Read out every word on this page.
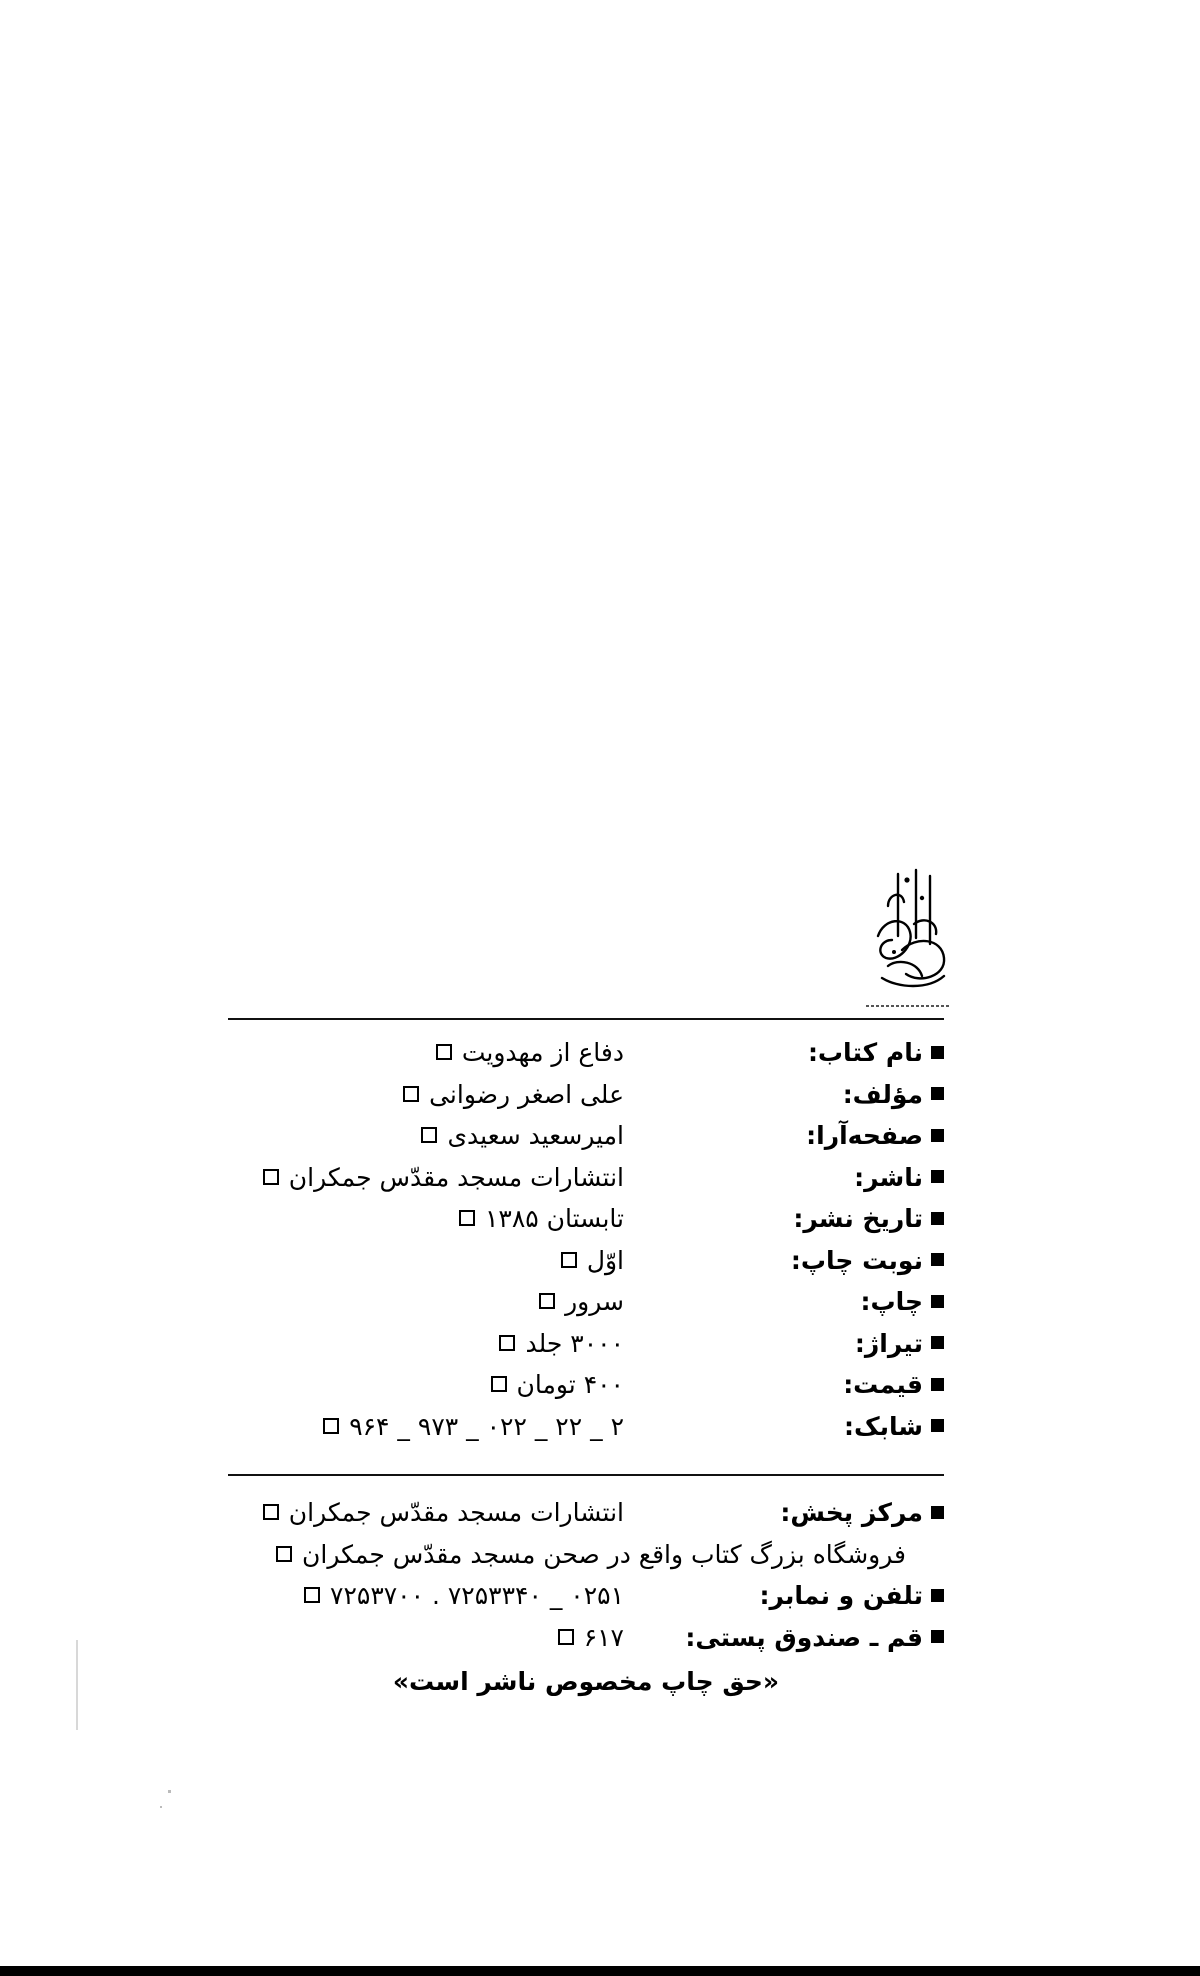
نام کتاب:
دفاع از مهدویت
مؤلف:
علی اصغر رضوانی
صفحه‌آرا:
امیرسعید سعیدی
ناشر:
انتشارات مسجد مقدّس جمکران
تاریخ نشر:
تابستان ۱۳۸۵
نوبت چاپ:
اوّل
چاپ:
سرور
تیراژ:
۳۰۰۰ جلد
قیمت:
۴۰۰ تومان
شابک:
۲ _ ۲۲ _ ۰۲۲ _ ۹۷۳ _ ۹۶۴
مرکز پخش:
انتشارات مسجد مقدّس جمکران
فروشگاه بزرگ کتاب واقع در صحن مسجد مقدّس جمکران
تلفن و نمابر:
۰۲۵۱ _ ۷۲۵۳۳۴۰ . ۷۲۵۳۷۰۰
قم ـ صندوق پستی:
۶۱۷
«حق چاپ مخصوص ناشر است»
